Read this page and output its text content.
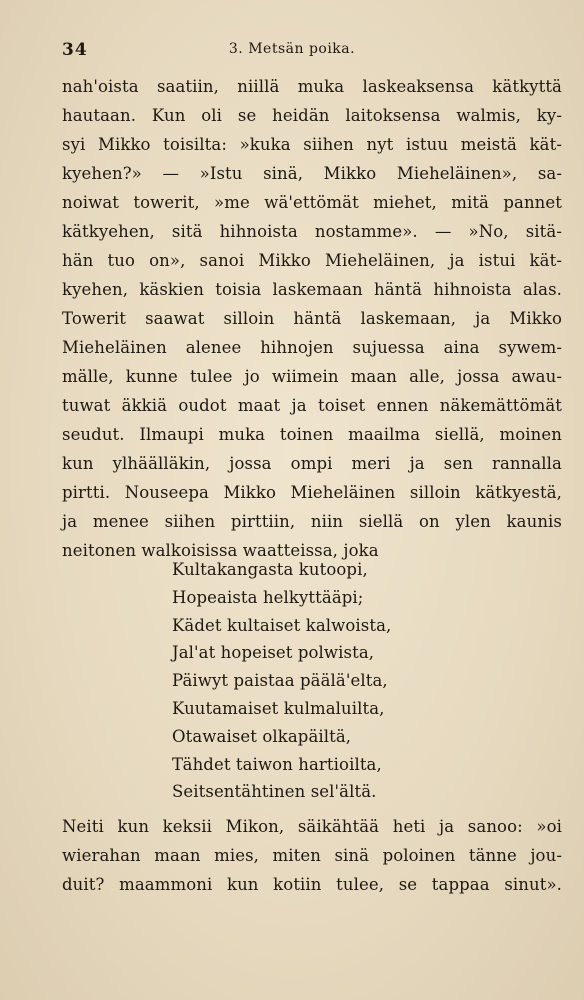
34	3. Metsän poika.
nah'oista saatiin, niillä muka laskeaksensa kätkyttä
hautaan. Kun oli se heidän laitoksensa walmis, ky-
syi Mikko toisilta: »kuka siihen nyt istuu meistä kät-
kyehen?» — »Istu sinä, Mikko Mieheläinen», sa-
noiwat towerit, »me wä'ettömät miehet, mitä pannet
kätkyehen, sitä hihnoista nostamme». — »No, sitä-
hän tuo on», sanoi Mikko Mieheläinen, ja istui kät-
kyehen, käskien toisia laskemaan häntä hihnoista alas.
Towerit saawat silloin häntä laskemaan, ja Mikko
Mieheläinen alenee hihnojen sujuessa aina sywem-
mälle, kunne tulee jo wiimein maan alle, jossa awau-
tuwat äkkiä oudot maat ja toiset ennen näkemättömät
seudut. Ilmaupi muka toinen maailma siellä, moinen
kun ylhäälläkin, jossa ompi meri ja sen rannalla
pirtti. Nouseepa Mikko Mieheläinen silloin kätkyestä,
ja menee siihen pirttiin, niin siellä on ylen kaunis
neitonen walkoisissa waatteissa, joka
Kultakangasta kutoopi,
Hopeaista helkyttääpi;
Kädet kultaiset kalwoista,
Jal'at hopeiset polwista,
Päiwyt paistaa päälä'elta,
Kuutamaiset kulmaluilta,
Otawaiset olkapäiltä,
Tähdet taiwon hartioilta,
Seitsentähtinen sel'ältä.
Neiti kun keksii Mikon, säikähtää heti ja sanoo: »oi
wierahan maan mies, miten sinä poloinen tänne jou-
duit? maammoni kun kotiin tulee, se tappaa sinut».
